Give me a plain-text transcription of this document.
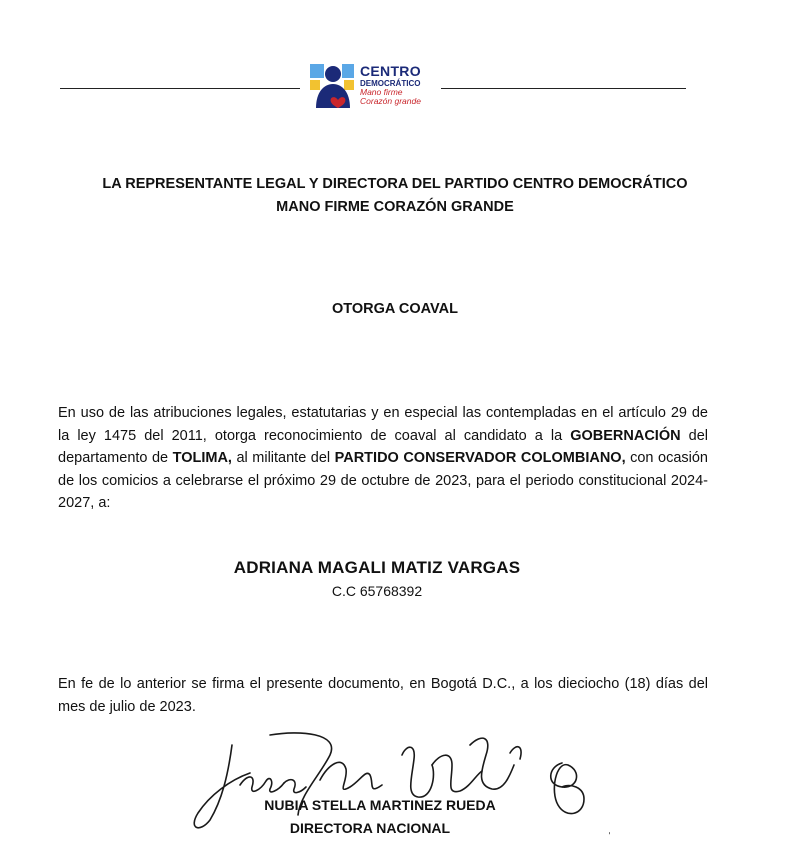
CENTRO
DEMOCRÁTICO
Mano firme
Corazón grande
LA REPRESENTANTE LEGAL Y DIRECTORA DEL PARTIDO CENTRO DEMOCRÁTICO
MANO FIRME CORAZÓN GRANDE
OTORGA COAVAL
En uso de las atribuciones legales, estatutarias y en especial las contempladas en el artículo 29 de la ley 1475 del 2011, otorga reconocimiento de coaval al candidato a la GOBERNACIÓN del departamento de TOLIMA, al militante del PARTIDO CONSERVADOR COLOMBIANO, con ocasión de los comicios a celebrarse el próximo 29 de octubre de 2023, para el periodo constitucional 2024-2027, a:
ADRIANA MAGALI MATIZ VARGAS
C.C 65768392
En fe de lo anterior se firma el presente documento, en Bogotá D.C., a los dieciocho (18) días del mes de julio de 2023.
NUBIA STELLA MARTINEZ RUEDA
DIRECTORA NACIONAL
